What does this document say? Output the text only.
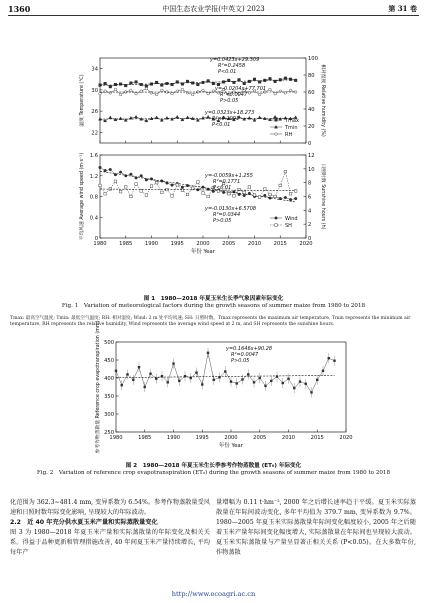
1360	中国生态农业学报(中英文) 2023	第 31 卷
22
26
30
34
0
20
40
60
80
100
温度 Temperature (℃)	相对湿度 Relative humidity (%)
Tmax
Tmin
RH
y=0.0423x+29.309
R²=0.2458
P<0.01
y=-0.0204x+77.701
R²=0.0047
P>0.05
y=0.0323x+18.273
R²=0.2091
P<0.01
0
0.4
0.8
1.2
1.6
0
2
4
6
8
10
12
1980 1985 1990 1995 2000 2005 2010 2015 2020
平均风速 Average wind speed (m·s⁻¹)	日照时数 Sunshine hours (h)
年份 Year
Wind
SH
y=-0.0059x+1.255
R²=0.1771
P<0.01
y=-0.0130x+6.5708
R²=0.0344
P>0.05
250
300
350
400
450
500
1980	1985	1990	1995	2000	2005	2010	2015	2020
参考作物蒸散量 Reference crop evapotranspiration (mm)	年份 Year
y=0.1646x+90.28
R²=0.0047
P>0.05
图 1　1980—2018 年夏玉米生长季气象因素年际变化
Fig. 1　Variation of meteorological factors during the growth seasons of summer maize from 1980 to 2018
Tmax: 最高空气温度; Tmin: 最低空气温度; RH: 相对湿度; Wind: 2 m 处平均风速; SH: 日照时数。Tmax represents the maximum air temperature, Tmin represents the minimum air temperature, RH represents the relative humidity, Wind represents the average wind speed at 2 m, and SH represents the sunshine hours.
图 2　1980—2018 年夏玉米生长季参考作物蒸散量 (ET₀) 年际变化
Fig. 2　Variation of reference crop evapotranspiration (ET₀) during the growth seasons of summer maize from 1980 to 2018
化范围为 362.3~481.4 mm, 变异系数为 6.54%。参考作物蒸散量受风速和日照时数年际变化影响, 呈现较大的年际波动。
2.2　近 40 年充分供水夏玉米产量和实际蒸散量变化
图 3 为 1980—2018 年夏玉米产量和实际蒸散量的年际变化及相关关系。得益于品种更新和管理措施改善, 40 年间夏玉米产量持续增长, 平均每年产
量增幅为 0.11 t·hm⁻², 2000 年之后增长速率趋于平缓。夏玉米实际蒸散量在年际间波动变化, 多年平均值为 379.7 mm, 变异系数为 9.7%。1980—2005 年夏玉米实际蒸散量年际间变化幅度较小, 2005 年之后随着玉米产量年际间变化幅度增大, 实际蒸散量在年际间也呈现较大波动。夏玉米实际蒸散量与产量呈显著正相关关系 (P<0.05)。在大多数年份, 作物蒸散
http://www.ecoagri.ac.cn
